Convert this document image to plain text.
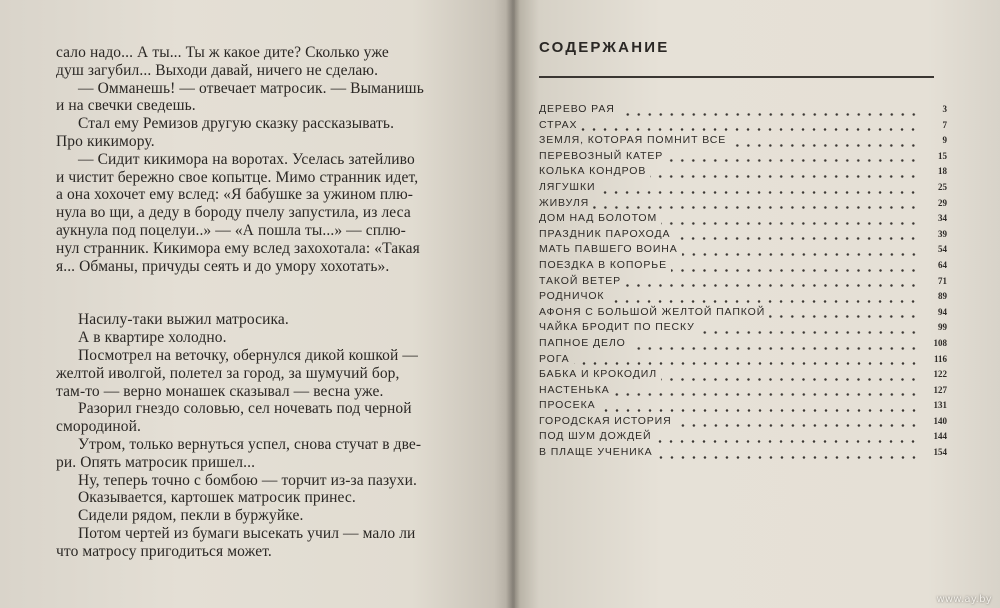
сало надо... А ты... Ты ж какое дите? Сколько уже
душ загубил... Выходи давай, ничего не сделаю.
— Омманешь! — отвечает матросик. — Выманишь
и на свечки сведешь.
Стал ему Ремизов другую сказку рассказывать.
Про кикимору.
— Сидит кикимора на воротах. Уселась затейливо
и чистит бережно свое копытце. Мимо странник идет,
а она хохочет ему вслед: «Я бабушке за ужином плю-
нула во щи, а деду в бороду пчелу запустила, из леса
аукнула под поцелуи..» — «А пошла ты...» — сплю-
нул странник. Кикимора ему вслед захохотала: «Такая
я... Обманы, причуды сеять и до умору хохотать».
Насилу-таки выжил матросика.
А в квартире холодно.
Посмотрел на веточку, обернулся дикой кошкой —
желтой иволгой, полетел за город, за шумучий бор,
там-то — верно монашек сказывал — весна уже.
Разорил гнездо соловью, сел ночевать под черной
смородиной.
Утром, только вернуться успел, снова стучат в две-
ри. Опять матросик пришел...
Ну, теперь точно с бомбою — торчит из-за пазухи.
Оказывается, картошек матросик принес.
Сидели рядом, пекли в буржуйке.
Потом чертей из бумаги высекать учил — мало ли
что матросу пригодиться может.
СОДЕРЖАНИЕ
ДЕРЕВО РАЯ	3
СТРАХ	7
ЗЕМЛЯ, КОТОРАЯ ПОМНИТ ВСЕ	9
ПЕРЕВОЗНЫЙ КАТЕР	15
КОЛЬКА КОНДРОВ	18
ЛЯГУШКИ	25
ЖИВУЛЯ	29
ДОМ НАД БОЛОТОМ	34
ПРАЗДНИК ПАРОХОДА	39
МАТЬ ПАВШЕГО ВОИНА	54
ПОЕЗДКА В КОПОРЬЕ	64
ТАКОЙ ВЕТЕР	71
РОДНИЧОК	89
АФОНЯ С БОЛЬШОЙ ЖЕЛТОЙ ПАПКОЙ	94
ЧАЙКА БРОДИТ ПО ПЕСКУ	99
ПАПНОЕ ДЕЛО	108
РОГА	116
БАБКА И КРОКОДИЛ	122
НАСТЕНЬКА	127
ПРОСЕКА	131
ГОРОДСКАЯ ИСТОРИЯ	140
ПОД ШУМ ДОЖДЕЙ	144
В ПЛАЩЕ УЧЕНИКА	154
www.ay.by
